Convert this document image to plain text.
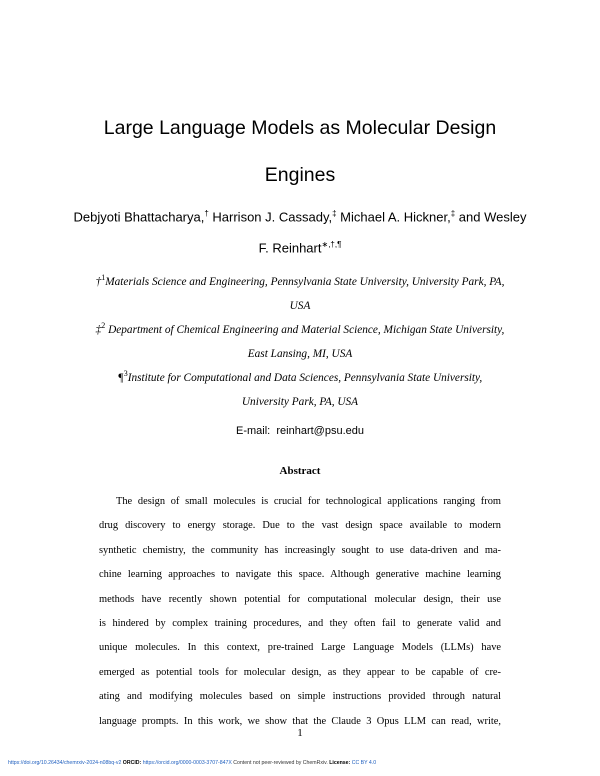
Large Language Models as Molecular Design
Engines
Debjyoti Bhattacharya,† Harrison J. Cassady,‡ Michael A. Hickner,‡ and Wesley
F. Reinhart∗,†,¶
†$^1$Materials Science and Engineering, Pennsylvania State University, University Park, PA,
USA
‡$^2$ Department of Chemical Engineering and Material Science, Michigan State University,
East Lansing, MI, USA
¶$^3$Institute for Computational and Data Sciences, Pennsylvania State University,
University Park, PA, USA
E-mail: reinhart@psu.edu
Abstract
The design of small molecules is crucial for technological applications ranging from
drug discovery to energy storage. Due to the vast design space available to modern
synthetic chemistry, the community has increasingly sought to use data-driven and ma-
chine learning approaches to navigate this space. Although generative machine learning
methods have recently shown potential for computational molecular design, their use
is hindered by complex training procedures, and they often fail to generate valid and
unique molecules. In this context, pre-trained Large Language Models (LLMs) have
emerged as potential tools for molecular design, as they appear to be capable of cre-
ating and modifying molecules based on simple instructions provided through natural
language prompts. In this work, we show that the Claude 3 Opus LLM can read, write,
1
https://doi.org/10.26434/chemrxiv-2024-n08bq-v2 ORCID: https://orcid.org/0000-0003-3707-847X Content not peer-reviewed by ChemRxiv. License: CC BY 4.0
